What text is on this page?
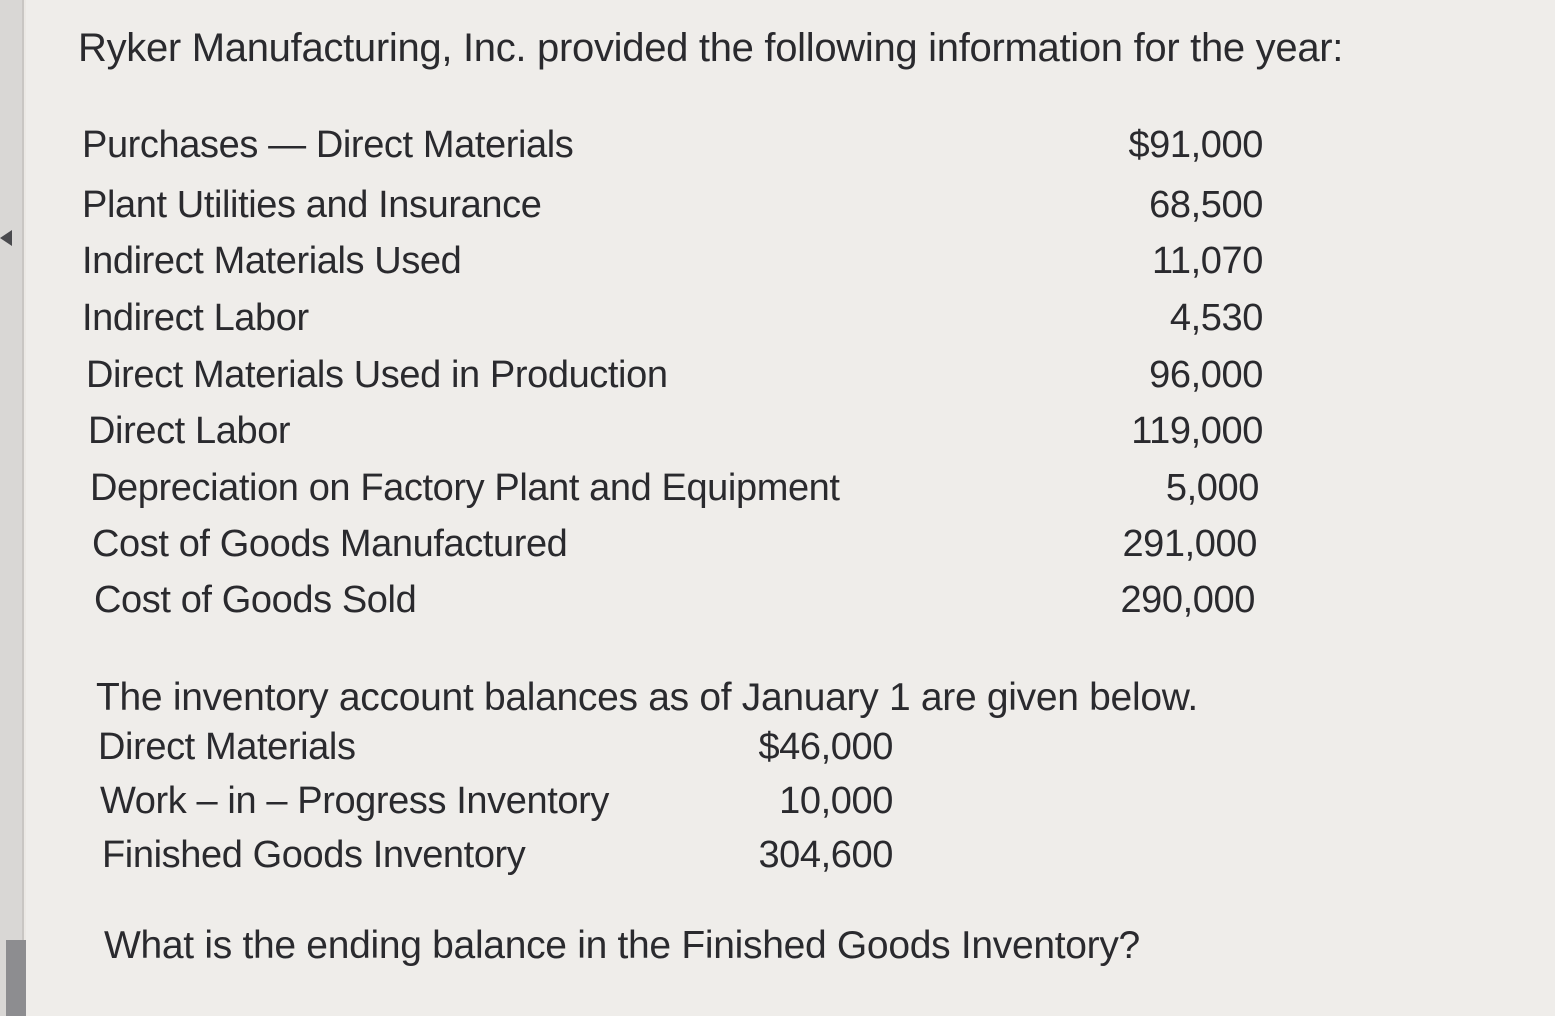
Ryker Manufacturing, Inc. provided the following information for the year:
Purchases — Direct Materials	$91,000
Plant Utilities and Insurance	68,500
Indirect Materials Used	11,070
Indirect Labor	4,530
Direct Materials Used in Production	96,000
Direct Labor	119,000
Depreciation on Factory Plant and Equipment	5,000
Cost of Goods Manufactured	291,000
Cost of Goods Sold	290,000
The inventory account balances as of January 1 are given below.
Direct Materials	$46,000
Work – in – Progress Inventory	10,000
Finished Goods Inventory	304,600
What is the ending balance in the Finished Goods Inventory?
